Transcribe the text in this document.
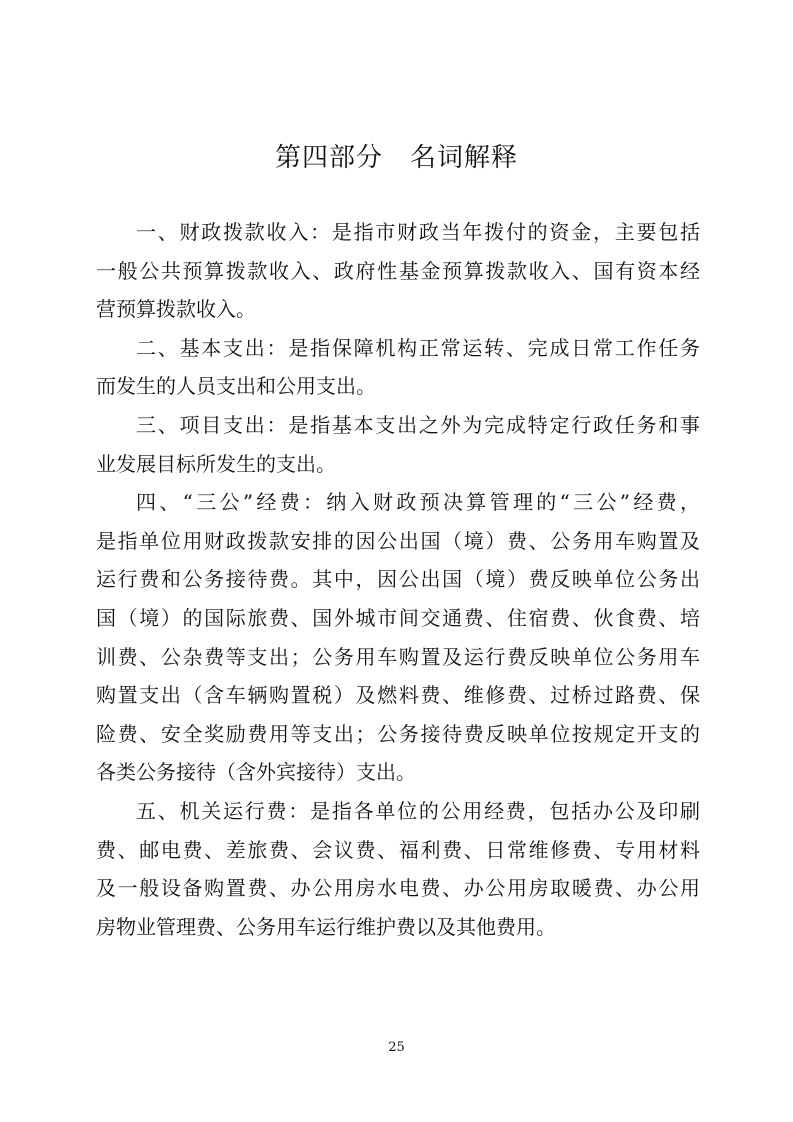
第四部分　名词解释
一、财政拨款收入：是指市财政当年拨付的资金，主要包括
一般公共预算拨款收入、政府性基金预算拨款收入、国有资本经
营预算拨款收入。
二、基本支出：是指保障机构正常运转、完成日常工作任务
而发生的人员支出和公用支出。
三、项目支出：是指基本支出之外为完成特定行政任务和事
业发展目标所发生的支出。
四、“三公”经费：纳入财政预决算管理的“三公”经费，
是指单位用财政拨款安排的因公出国（境）费、公务用车购置及
运行费和公务接待费。其中，因公出国（境）费反映单位公务出
国（境）的国际旅费、国外城市间交通费、住宿费、伙食费、培
训费、公杂费等支出；公务用车购置及运行费反映单位公务用车
购置支出（含车辆购置税）及燃料费、维修费、过桥过路费、保
险费、安全奖励费用等支出；公务接待费反映单位按规定开支的
各类公务接待（含外宾接待）支出。
五、机关运行费：是指各单位的公用经费，包括办公及印刷
费、邮电费、差旅费、会议费、福利费、日常维修费、专用材料
及一般设备购置费、办公用房水电费、办公用房取暖费、办公用
房物业管理费、公务用车运行维护费以及其他费用。
25
